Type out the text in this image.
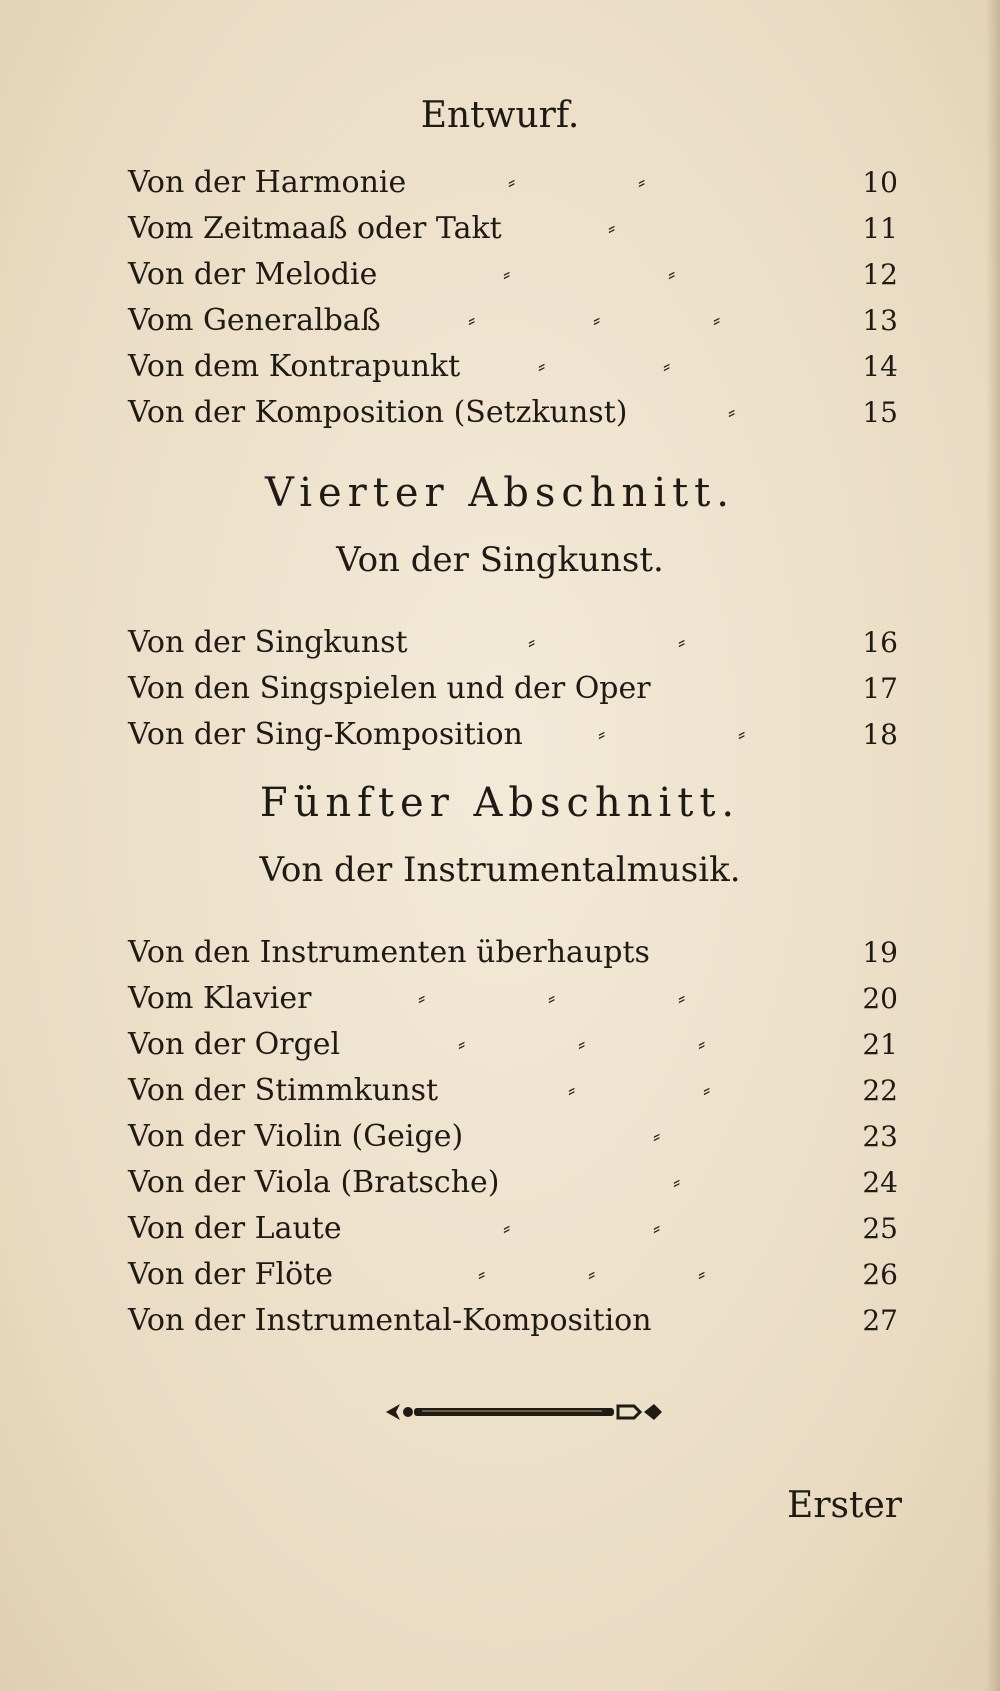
Entwurf.
Von der Harmonie	⸗	⸗	10
Vom Zeitmaaß oder Takt	⸗	11
Von der Melodie	⸗	⸗	12
Vom Generalbaß	⸗	⸗	⸗	13
Von dem Kontrapunkt	⸗	⸗	14
Von der Komposition (Setzkunst)	⸗	15
Vierter Abschnitt.
Von der Singkunst.
Von der Singkunst	⸗	⸗	16
Von den Singspielen und der Oper	17
Von der Sing-Komposition	⸗	⸗	18
Fünfter Abschnitt.
Von der Instrumentalmusik.
Von den Instrumenten überhaupts	19
Vom Klavier	⸗	⸗	⸗	20
Von der Orgel	⸗	⸗	⸗	21
Von der Stimmkunst	⸗	⸗	22
Von der Violin (Geige)	⸗	23
Von der Viola (Bratsche)	⸗	24
Von der Laute	⸗	⸗	25
Von der Flöte	⸗	⸗	⸗	26
Von der Instrumental-Komposition	27
Erster
